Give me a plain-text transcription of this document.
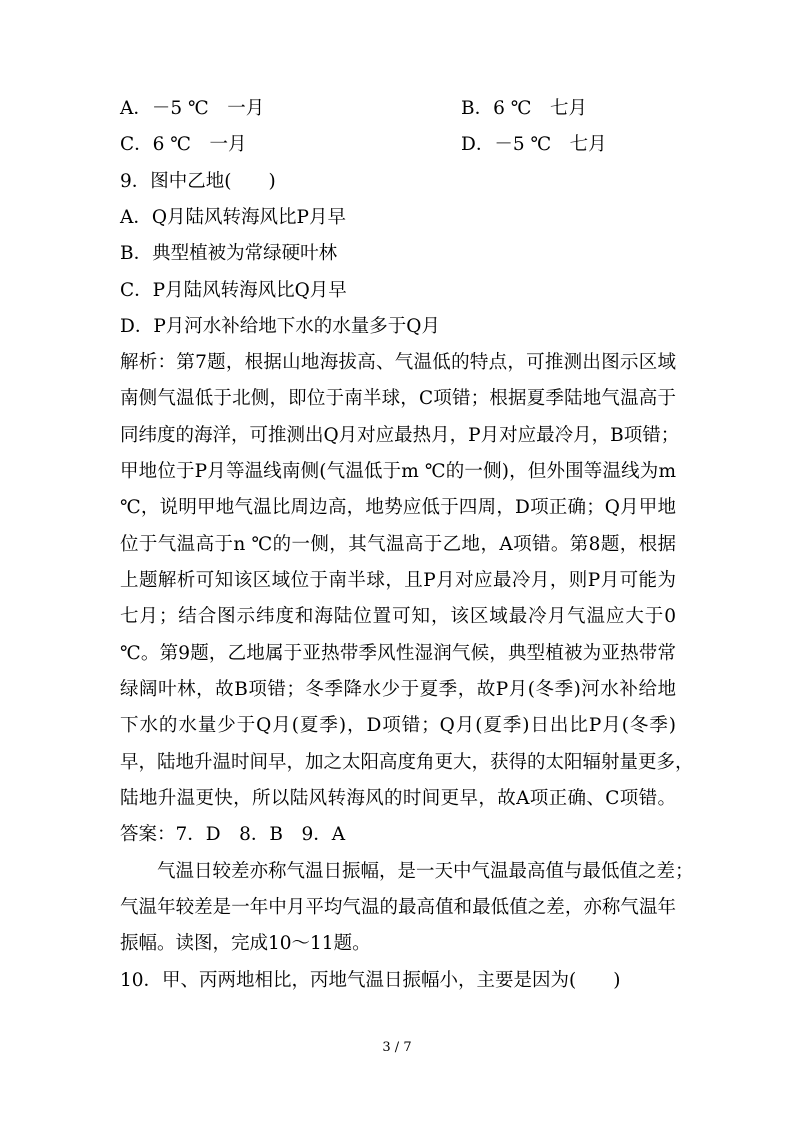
A．－5 ℃　一月	B．6 ℃　七月
C．6 ℃　一月	D．－5 ℃　七月
9．图中乙地(　　)
A．Q月陆风转海风比P月早
B．典型植被为常绿硬叶林
C．P月陆风转海风比Q月早
D．P月河水补给地下水的水量多于Q月
解析：第7题，根据山地海拔高、气温低的特点，可推测出图示区域
南侧气温低于北侧，即位于南半球，C项错；根据夏季陆地气温高于
同纬度的海洋，可推测出Q月对应最热月，P月对应最冷月，B项错；
甲地位于P月等温线南侧(气温低于m ℃的一侧)，但外围等温线为m
℃，说明甲地气温比周边高，地势应低于四周，D项正确；Q月甲地
位于气温高于n ℃的一侧，其气温高于乙地，A项错。第8题，根据
上题解析可知该区域位于南半球，且P月对应最冷月，则P月可能为
七月；结合图示纬度和海陆位置可知，该区域最冷月气温应大于0
℃。第9题，乙地属于亚热带季风性湿润气候，典型植被为亚热带常
绿阔叶林，故B项错；冬季降水少于夏季，故P月(冬季)河水补给地
下水的水量少于Q月(夏季)，D项错；Q月(夏季)日出比P月(冬季)
早，陆地升温时间早，加之太阳高度角更大，获得的太阳辐射量更多，
陆地升温更快，所以陆风转海风的时间更早，故A项正确、C项错。
答案：7．D　8．B　9．A
气温日较差亦称气温日振幅，是一天中气温最高值与最低值之差；
气温年较差是一年中月平均气温的最高值和最低值之差，亦称气温年
振幅。读图，完成10～11题。
10．甲、丙两地相比，丙地气温日振幅小，主要是因为(　　)
3 / 7
